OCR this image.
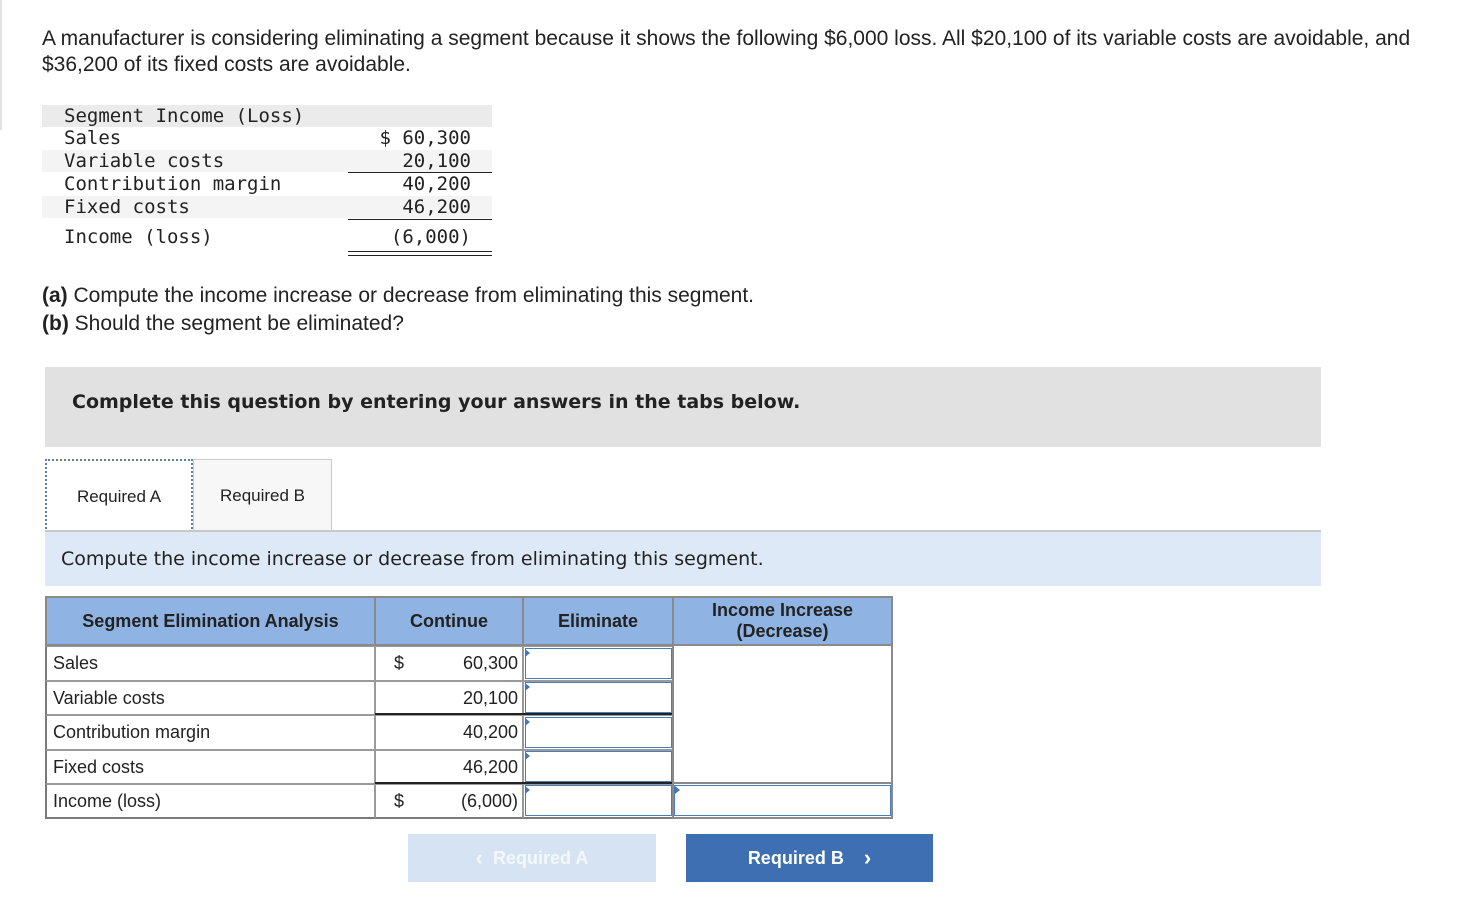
A manufacturer is considering eliminating a segment because it shows the following $6,000 loss. All $20,100 of its variable costs are avoidable, and $36,200 of its fixed costs are avoidable.
Segment Income (Loss)
Sales	$ 60,300
Variable costs	20,100
Contribution margin	40,200
Fixed costs	46,200
Income (loss)	(6,000)
(a) Compute the income increase or decrease from eliminating this segment.
(b) Should the segment be eliminated?
Complete this question by entering your answers in the tabs below.
Required A	Required B
Compute the income increase or decrease from eliminating this segment.
Segment Elimination Analysis	Continue	Eliminate
Income Increase
(Decrease)
Sales	$	60,300
Variable costs	20,100
Contribution margin	40,200
Fixed costs	46,200
Income (loss)	$	(6,000)
‹ Required A	Required B ›
